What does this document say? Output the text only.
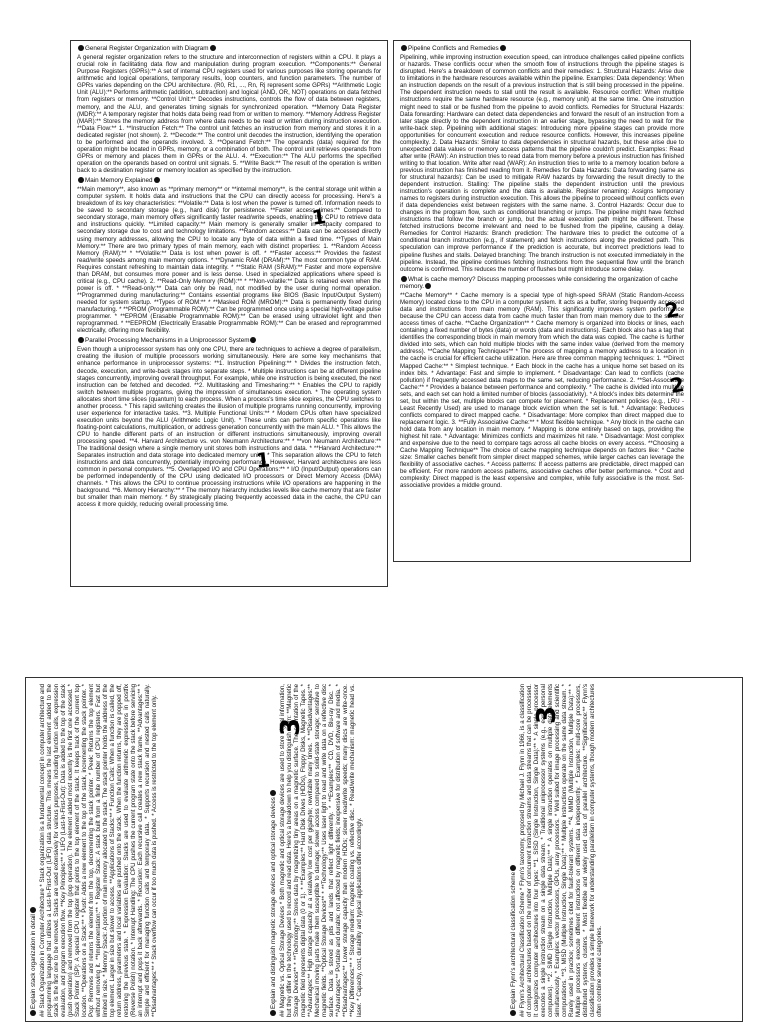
General Register Organization with Diagram

A general register organization refers to the structure and interconnection of registers within a CPU. It plays a crucial role in facilitating data flow and manipulation during program execution. **Components:** General Purpose Registers (GPRs):** A set of internal CPU registers used for various purposes like storing operands for arithmetic and logical operations, temporary results, loop counters, and function parameters. The number of GPRs varies depending on the CPU architecture. (R0, R1, ..., Rn, Rj represent some GPRs) **Arithmetic Logic Unit (ALU):** Performs arithmetic (addition, subtraction) and logical (AND, OR, NOT) operations on data fetched from registers or memory. **Control Unit:** Decodes instructions, controls the flow of data between registers, memory, and the ALU, and generates timing signals for synchronized operation. **Memory Data Register (MDR):** A temporary register that holds data being read from or written to memory. **Memory Address Register (MAR):** Stores the memory address from where data needs to be read or written during instruction execution. **Data Flow:** 1. **Instruction Fetch:** The control unit fetches an instruction from memory and stores it in a dedicated register (not shown). 2. **Decode:** The control unit decodes the instruction, identifying the operation to be performed and the operands involved. 3. **Operand Fetch:** The operands (data) required for the operation might be located in GPRs, memory, or a combination of both. The control unit retrieves operands from GPRs or memory and places them in GPRs or the ALU. 4. **Execution:** The ALU performs the specified operation on the operands based on control unit signals. 5. **Write Back:** The result of the operation is written back to a destination register or memory location as specified by the instruction.

Main Memory Explained

**Main memory**, also known as **primary memory** or **internal memory**, is the central storage unit within a computer system. It holds data and instructions that the CPU can directly access for processing. Here's a breakdown of its key characteristics: **Volatile:** Data is lost when the power is turned off. Information needs to be saved to secondary storage (e.g., hard disk) for persistence. **Faster access times:** Compared to secondary storage, main memory offers significantly faster read/write speeds, enabling the CPU to retrieve data and instructions quickly. **Limited capacity:** Main memory is generally smaller in capacity compared to secondary storage due to cost and technology limitations. **Random access:** Data can be accessed directly using memory addresses, allowing the CPU to locate any byte of data within a fixed time. **Types of Main Memory:** There are two primary types of main memory, each with distinct properties: 1. **Random Access Memory (RAM):** * **Volatile:** Data is lost when power is off. * **Faster access:** Provides the fastest read/write speeds among main memory options. * **Dynamic RAM (DRAM):** The most common type of RAM. Requires constant refreshing to maintain data integrity. * **Static RAM (SRAM):** Faster and more expensive than DRAM, but consumes more power and is less dense. Used in specialized applications where speed is critical (e.g., CPU cache). 2. **Read-Only Memory (ROM):** * **Non-volatile:** Data is retained even when the power is off. * **Read-only:** Data can only be read, not modified by the user during normal operation. **Programmed during manufacturing:** Contains essential programs like BIOS (Basic Input/Output System) needed for system startup. **Types of ROM:** * **Masked ROM (MROM):** Data is permanently fixed during manufacturing. * **PROM (Programmable ROM):** Can be programmed once using a special high-voltage pulse programmer. * **EPROM (Erasable Programmable ROM):** Can be erased using ultraviolet light and then reprogrammed. * **EEPROM (Electrically Erasable Programmable ROM):** Can be erased and reprogrammed electrically, offering more flexibility.

Parallel Processing Mechanisms in a Uniprocessor System

Even though a uniprocessor system has only one CPU, there are techniques to achieve a degree of parallelism, creating the illusion of multiple processors working simultaneously. Here are some key mechanisms that enhance performance in uniprocessor systems: **1. Instruction Pipelining:** * Divides the instruction fetch, decode, execution, and write-back stages into separate steps. * Multiple instructions can be at different pipeline stages concurrently, improving overall throughput. For example, while one instruction is being executed, the next instruction can be fetched and decoded. **2. Multitasking and Timesharing:** * Enables the CPU to rapidly switch between multiple programs, giving the impression of simultaneous execution. * The operating system allocates short time slices (quantum) to each process. When a process's time slice expires, the CPU switches to another process. * This rapid switching creates the illusion of multiple programs running concurrently, improving user experience for interactive tasks. **3. Multiple Functional Units:** * Modern CPUs often have specialized execution units beyond the ALU (Arithmetic Logic Unit). * These units can perform specific operations like floating-point calculations, multiplication, or address generation concurrently with the main ALU. * This allows the CPU to handle different parts of an instruction or different instructions simultaneously, improving overall processing speed. **4. Harvard Architecture vs. von Neumann Architecture:** * **von Neumann Architecture:** The traditional design where a single memory unit stores both instructions and data. * **Harvard Architecture:** Separates instruction and data storage into dedicated memory units. * This separation allows the CPU to fetch instructions and data concurrently, potentially improving performance. However, Harvard architectures are less common in personal computers. **5. Overlapped I/O and CPU Operations:** * I/O (Input/Output) operations can be performed independently of the CPU using dedicated I/O processors or Direct Memory Access (DMA) channels. * This allows the CPU to continue processing instructions while I/O operations are happening in the background. **6. Memory Hierarchy:** * The memory hierarchy includes levels like cache memory that are faster but smaller than main memory. * By strategically placing frequently accessed data in the cache, the CPU can access it more quickly, reducing overall processing time.

1
1
Pipeline Conflicts and Remedies

Pipelining, while improving instruction execution speed, can introduce challenges called pipeline conflicts or hazards. These conflicts occur when the smooth flow of instructions through the pipeline stages is disrupted. Here's a breakdown of common conflicts and their remedies: 1. Structural Hazards: Arise due to limitations in the hardware resources available within the pipeline. Examples: Data dependency: When an instruction depends on the result of a previous instruction that is still being processed in the pipeline. The dependent instruction needs to stall until the result is available. Resource conflict: When multiple instructions require the same hardware resource (e.g., memory unit) at the same time. One instruction might need to stall or be flushed from the pipeline to avoid conflicts. Remedies for Structural Hazards: Data forwarding: Hardware can detect data dependencies and forward the result of an instruction from a later stage directly to the dependent instruction in an earlier stage, bypassing the need to wait for the write-back step. Pipelining with additional stages: Introducing more pipeline stages can provide more opportunities for concurrent execution and reduce resource conflicts. However, this increases pipeline complexity. 2. Data Hazards: Similar to data dependencies in structural hazards, but these arise due to unexpected data values or memory access patterns that the pipeline couldn't predict. Examples: Read after write (RAW): An instruction tries to read data from memory before a previous instruction has finished writing to that location. Write after read (WAR): An instruction tries to write to a memory location before a previous instruction has finished reading from it. Remedies for Data Hazards: Data forwarding (same as for structural hazards): Can be used to mitigate RAW hazards by forwarding the result directly to the dependent instruction. Stalling: The pipeline stalls the dependent instruction until the previous instruction's operation is complete and the data is available. Register renaming: Assigns temporary names to registers during instruction execution. This allows the pipeline to proceed without conflicts even if data dependencies exist between registers with the same name. 3. Control Hazards: Occur due to changes in the program flow, such as conditional branching or jumps. The pipeline might have fetched instructions that follow the branch or jump, but the actual execution path might be different. These fetched instructions become irrelevant and need to be flushed from the pipeline, causing a delay. Remedies for Control Hazards: Branch prediction: The hardware tries to predict the outcome of a conditional branch instruction (e.g., if statement) and fetch instructions along the predicted path. This speculation can improve performance if the prediction is accurate, but incorrect predictions lead to pipeline flushes and stalls. Delayed branching: The branch instruction is not executed immediately in the pipeline. Instead, the pipeline continues fetching instructions from the sequential flow until the branch outcome is confirmed. This reduces the number of flushes but might introduce some delay.

What is cache memory? Discuss mapping processes while considering the organization of cache memory.

**Cache Memory** * Cache memory is a special type of high-speed SRAM (Static Random-Access Memory) located close to the CPU in a computer system. It acts as a buffer, storing frequently accessed data and instructions from main memory (RAM). This significantly improves system performance because the CPU can access data from cache much faster than from main memory due to the smaller access times of cache. **Cache Organization** * Cache memory is organized into blocks or lines, each containing a fixed number of bytes (data) or words (data and instructions). Each block also has a tag that identifies the corresponding block in main memory from which the data was copied. The cache is further divided into sets, which can hold multiple blocks with the same index value (derived from the memory address). **Cache Mapping Techniques** * The process of mapping a memory address to a location in the cache is crucial for efficient cache utilization. Here are three common mapping techniques: 1. **Direct Mapped Cache:** * Simplest technique. * Each block in the cache has a unique home set based on its index bits. * Advantage: Fast and simple to implement. * Disadvantage: Can lead to conflicts (cache pollution) if frequently accessed data maps to the same set, reducing performance. 2. **Set-Associative Cache:** * Provides a balance between performance and complexity. * The cache is divided into multiple sets, and each set can hold a limited number of blocks (associativity). * A block's index bits determine the set, but within the set, multiple blocks can compete for placement. * Replacement policies (e.g., LRU - Least Recently Used) are used to manage block eviction when the set is full. * Advantage: Reduces conflicts compared to direct mapped cache. * Disadvantage: More complex than direct mapped due to replacement logic. 3. **Fully Associative Cache:** * Most flexible technique. * Any block in the cache can hold data from any location in main memory. * Mapping is done entirely based on tags, providing the highest hit rate. * Advantage: Minimizes conflicts and maximizes hit rate. * Disadvantage: Most complex and expensive due to the need to compare tags across all cache blocks on every access. **Choosing a Cache Mapping Technique** The choice of cache mapping technique depends on factors like: * Cache size: Smaller caches benefit from simpler direct mapped schemes, while larger caches can leverage the flexibility of associative caches. * Access patterns: If access patterns are predictable, direct mapped can be efficient. For more random access patterns, associative caches offer better performance. * Cost and complexity: Direct mapped is the least expensive and complex, while fully associative is the most. Set-associative provides a middle ground.

2
2
Explain stack organization in detail ## Stack Organization in Computer Architecture * Stack organization is a fundamental concept in computer architecture and programming language that utilizes a Last-In-First-Out (LIFO) data structure. This means the last element added to the stack is the first one to be removed. Stacks are used extensively for various purposes, including function calls, expression evaluation, and program execution flow. **Key Principles:** * LIFO (Last-In-First-Out): Data is added to the top of the stack (push operation) and removed from the top (pop operation). The element added most recently is the first one accessed. * Stack Pointer (SP): A special CPU register that points to the top element of the stack. It keeps track of the current top location. **Operations on a Stack:** * Push: Adds a new element to the top of the stack, incrementing the stack pointer. * Pop: Removes and returns the element from the top, decrementing the stack pointer. * Peek: Returns the top element without removing it. **Implementation:** * Register Stack: A stack built from a finite number of CPU registers. Fast but limited in size. * Memory Stack: A portion of main memory allocated to the stack. The stack pointer holds the address of the top element. Larger in size but slower to access. **Applications of Stacks:** * Function Calls: When a function is called, the return address, parameters and local variables are pushed onto the stack. When the function returns, they are popped off, restoring the previous state. * Expression Evaluation: Stacks are used to evaluate arithmetic expressions in postfix (Reverse Polish) notation. * Interrupt Handling: The CPU pushes the current program state onto the stack before servicing an interrupt and pops it back afterwards. * Recursion: Each recursive call creates a new stack frame. **Advantages:** * Simple and efficient for managing function calls and temporary data. * Supports recursion and nested calls naturally. **Disadvantages:** * Stack overflow can occur if too much data is pushed. * Access is restricted to the top element only.	Explain and distinguish magnetic storage devices and optical storage devices ## Magnetic vs. Optical Storage Devices * Both magnetic and optical storage devices are used to store digital information, but they differ in the technology used to record and read data. Here's a breakdown to help you distinguish them: **Magnetic Storage Devices** * **Technology:** Stores data by magnetizing tiny areas on a magnetic surface. The orientation of the magnetic field represents digital data (0 or 1). * **Examples:** Hard Disk Drives (HDDs), Floppy Disks, Magnetic Tapes. * **Advantages:** High storage capacity at a relatively low cost per gigabyte; rewritable many times. * **Disadvantages:** Mechanical moving parts make them susceptible to damage; slower access compared to solid-state storage; sensitive to magnetic fields. **Optical Storage Devices** * **Technology:** Uses laser light to read and write data on a reflective disc surface. Data is stored as pits and lands that reflect light differently. * **Examples:** CD, DVD, Blu-ray Disc. * **Advantages:** Portable and durable; not affected by magnetic fields; inexpensive for distribution of software and media. * **Disadvantages:** Lower storage capacity than modern HDDs; slower read/write speeds; many discs are write-once. **Key Differences:** * Storage medium: magnetic coating vs. reflective disc. * Read/write mechanism: magnetic head vs. laser. * Capacity, cost, durability and typical applications differ accordingly.	Explain Flynn's architectural classification scheme ## Flynn's Architectural Classification Scheme * Flynn's taxonomy, proposed by Michael J. Flynn in 1966, is a classification of computer architectures based on the number of concurrent instruction streams and data streams that can be processed. It categorizes computer architectures into four types: **1. SISD (Single Instruction, Single Data):** * A single processor executes a single instruction stream on a single data stream. * Traditional uniprocessor systems (e.g., early personal computers). **2. SIMD (Single Instruction, Multiple Data):** * A single instruction operates on multiple data elements simultaneously. * Examples: vector processors, GPUs, array processors. * Well suited for image processing and scientific computations. **3. MISD (Multiple Instruction, Single Data):** * Multiple instructions operate on the same data stream. * Rarely used in practice; sometimes cited for fault-tolerant systems. **4. MIMD (Multiple Instruction, Multiple Data):** * Multiple processors execute different instructions on different data independently. * Examples: multi-core processors, distributed systems, clusters. * Most flexible and widely used class of parallel architecture. **Significance:** Flynn's classification provides a simple framework for understanding parallelism in computer systems, though modern architectures often combine several categories.

3
3
